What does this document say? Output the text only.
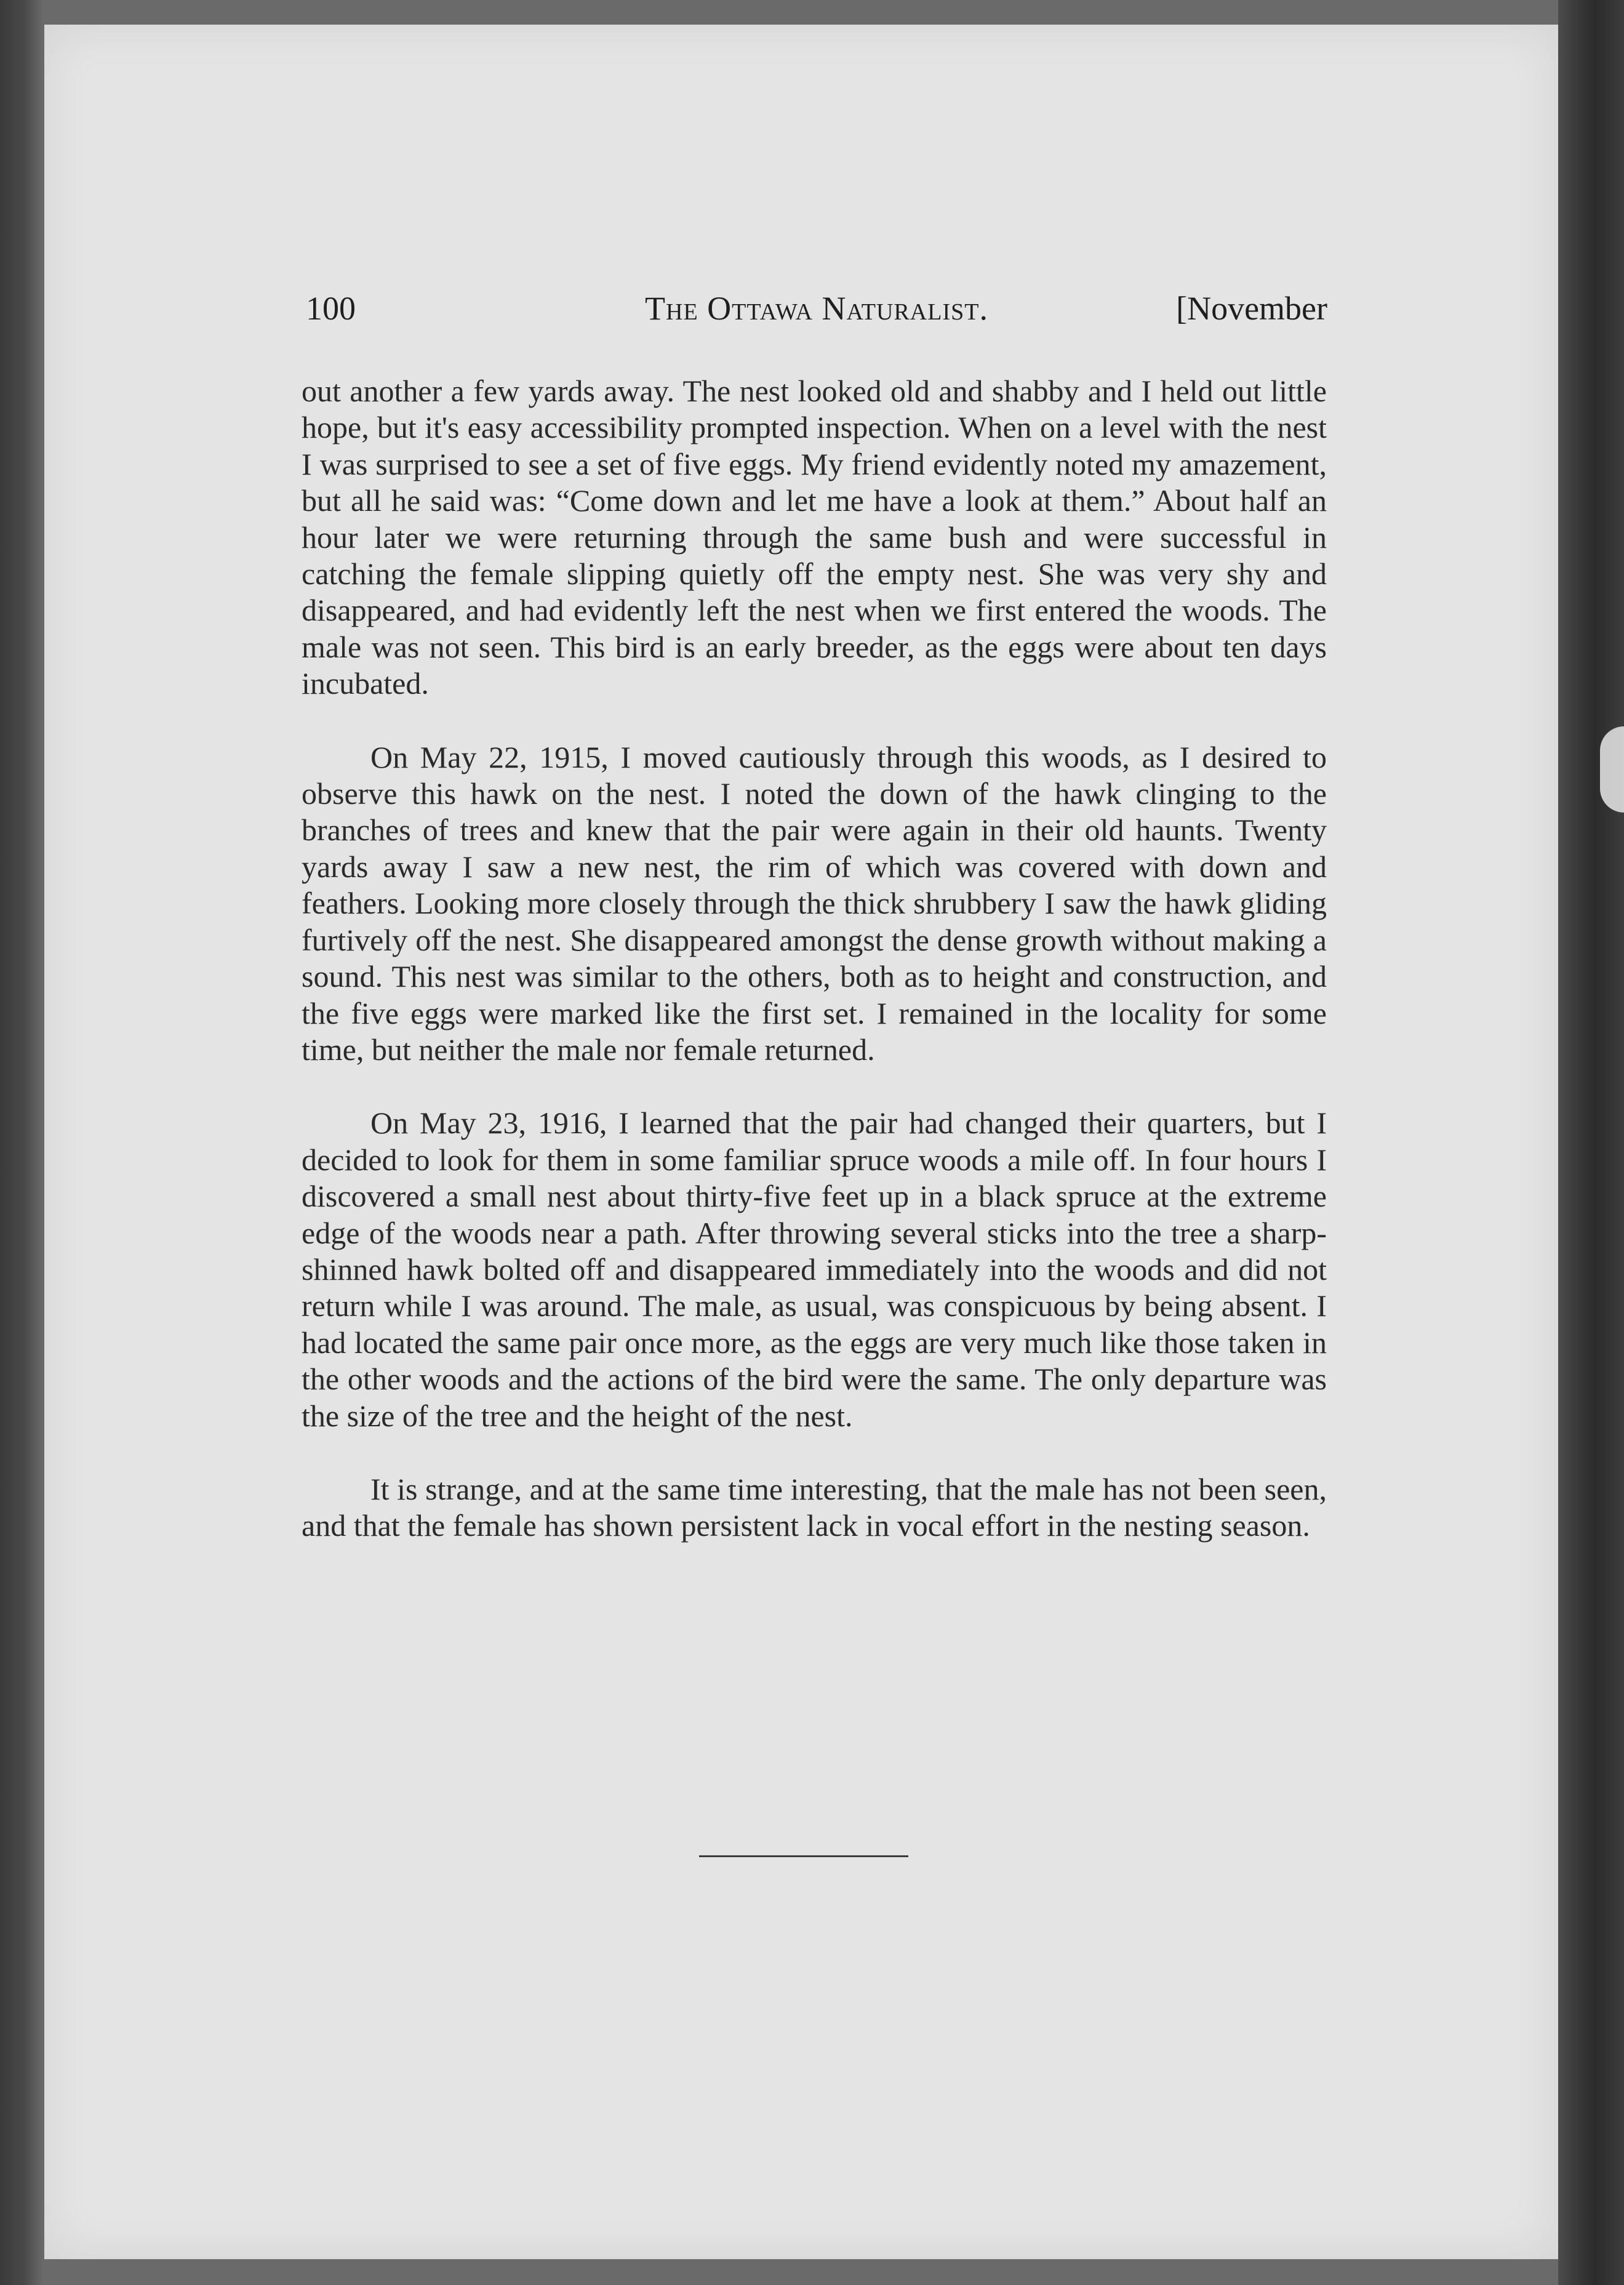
100	The Ottawa Naturalist.	[November

out another a few yards away. The nest looked old and shabby and I held out little hope, but it's easy accessibility prompted inspection. When on a level with the nest I was surprised to see a set of five eggs. My friend evidently noted my amazement, but all he said was: “Come down and let me have a look at them.” About half an hour later we were returning through the same bush and were successful in catching the female slipping quietly off the empty nest. She was very shy and disappeared, and had evidently left the nest when we first entered the woods. The male was not seen. This bird is an early breeder, as the eggs were about ten days incubated.

On May 22, 1915, I moved cautiously through this woods, as I desired to observe this hawk on the nest. I noted the down of the hawk clinging to the branches of trees and knew that the pair were again in their old haunts. Twenty yards away I saw a new nest, the rim of which was covered with down and feathers. Looking more closely through the thick shrubbery I saw the hawk gliding furtively off the nest. She disappeared amongst the dense growth without making a sound. This nest was similar to the others, both as to height and construction, and the five eggs were marked like the first set. I remained in the locality for some time, but neither the male nor female returned.

On May 23, 1916, I learned that the pair had changed their quarters, but I decided to look for them in some familiar spruce woods a mile off. In four hours I discovered a small nest about thirty-five feet up in a black spruce at the extreme edge of the woods near a path. After throwing several sticks into the tree a sharp-shinned hawk bolted off and disappeared immediately into the woods and did not return while I was around. The male, as usual, was conspicuous by being absent. I had located the same pair once more, as the eggs are very much like those taken in the other woods and the actions of the bird were the same. The only departure was the size of the tree and the height of the nest.

It is strange, and at the same time interesting, that the male has not been seen, and that the female has shown persistent lack in vocal effort in the nesting season.
